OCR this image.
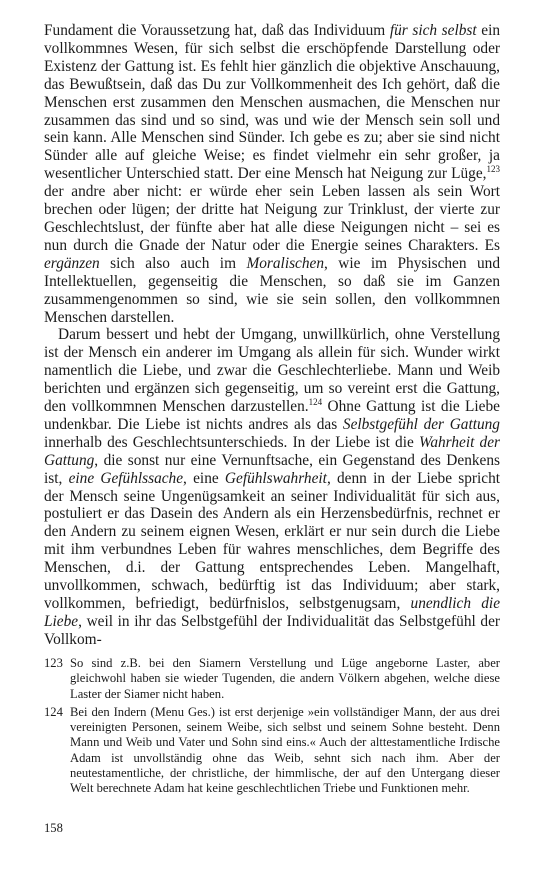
Fundament die Voraussetzung hat, daß das Individuum für sich selbst ein vollkommnes Wesen, für sich selbst die erschöpfende Darstellung oder Existenz der Gattung ist. Es fehlt hier gänzlich die objektive Anschauung, das Bewußtsein, daß das Du zur Vollkommenheit des Ich gehört, daß die Menschen erst zusammen den Menschen ausmachen, die Menschen nur zusammen das sind und so sind, was und wie der Mensch sein soll und sein kann. Alle Menschen sind Sünder. Ich gebe es zu; aber sie sind nicht Sünder alle auf gleiche Weise; es findet vielmehr ein sehr großer, ja wesentlicher Unterschied statt. Der eine Mensch hat Neigung zur Lüge,$^{123}$ der andre aber nicht: er würde eher sein Leben lassen als sein Wort brechen oder lügen; der dritte hat Neigung zur Trinklust, der vierte zur Geschlechtslust, der fünfte aber hat alle diese Neigungen nicht – sei es nun durch die Gnade der Natur oder die Energie seines Charakters. Es ergänzen sich also auch im Moralischen, wie im Physischen und Intellektuellen, gegenseitig die Menschen, so daß sie im Ganzen zusammengenommen so sind, wie sie sein sollen, den vollkommnen Menschen darstellen.

Darum bessert und hebt der Umgang, unwillkürlich, ohne Verstellung ist der Mensch ein anderer im Umgang als allein für sich. Wunder wirkt namentlich die Liebe, und zwar die Geschlechterliebe. Mann und Weib berichten und ergänzen sich gegenseitig, um so vereint erst die Gattung, den vollkommnen Menschen darzustellen.$^{124}$ Ohne Gattung ist die Liebe undenkbar. Die Liebe ist nichts andres als das Selbstgefühl der Gattung innerhalb des Geschlechtsunterschieds. In der Liebe ist die Wahrheit der Gattung, die sonst nur eine Vernunftsache, ein Gegenstand des Denkens ist, eine Gefühlssache, eine Gefühlswahrheit, denn in der Liebe spricht der Mensch seine Ungenügsamkeit an seiner Individualität für sich aus, postuliert er das Dasein des Andern als ein Herzensbedürfnis, rechnet er den Andern zu seinem eignen Wesen, erklärt er nur sein durch die Liebe mit ihm verbundnes Leben für wahres menschliches, dem Begriffe des Menschen, d.i. der Gattung entsprechendes Leben. Mangelhaft, unvollkommen, schwach, bedürftig ist das Individuum; aber stark, vollkommen, befriedigt, bedürfnislos, selbstgenugsam, unendlich die Liebe, weil in ihr das Selbstgefühl der Individualität das Selbstgefühl der Vollkom-

123 So sind z.B. bei den Siamern Verstellung und Lüge angeborne Laster, aber gleichwohl haben sie wieder Tugenden, die andern Völkern abgehen, welche diese Laster der Siamer nicht haben.
124 Bei den Indern (Menu Ges.) ist erst derjenige »ein vollständiger Mann, der aus drei vereinigten Personen, seinem Weibe, sich selbst und seinem Sohne besteht. Denn Mann und Weib und Vater und Sohn sind eins.« Auch der alttestamentliche Irdische Adam ist unvollständig ohne das Weib, sehnt sich nach ihm. Aber der neutestamentliche, der christliche, der himmlische, der auf den Untergang dieser Welt berechnete Adam hat keine geschlechtlichen Triebe und Funktionen mehr.
158
